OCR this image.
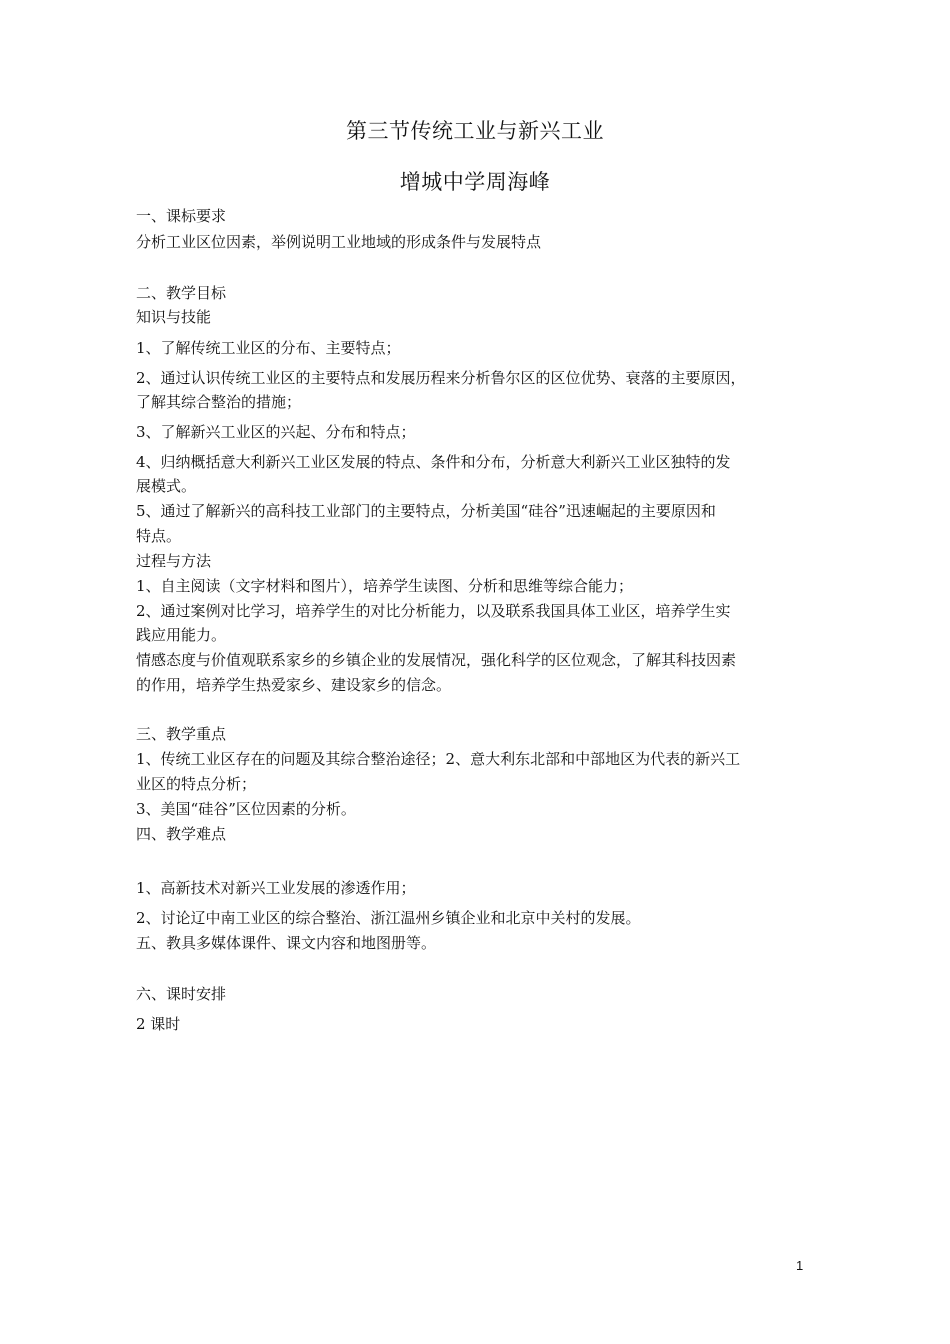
第三节传统工业与新兴工业
增城中学周海峰
一、课标要求
分析工业区位因素，举例说明工业地域的形成条件与发展特点
二、教学目标
知识与技能
1、了解传统工业区的分布、主要特点；
2、通过认识传统工业区的主要特点和发展历程来分析鲁尔区的区位优势、衰落的主要原因，
了解其综合整治的措施；
3、了解新兴工业区的兴起、分布和特点；
4、归纳概括意大利新兴工业区发展的特点、条件和分布，分析意大利新兴工业区独特的发
展模式。
5、通过了解新兴的高科技工业部门的主要特点，分析美国“硅谷”迅速崛起的主要原因和
特点。
过程与方法
1、自主阅读（文字材料和图片），培养学生读图、分析和思维等综合能力；
2、通过案例对比学习，培养学生的对比分析能力，以及联系我国具体工业区，培养学生实
践应用能力。
情感态度与价值观联系家乡的乡镇企业的发展情况，强化科学的区位观念，了解其科技因素
的作用，培养学生热爱家乡、建设家乡的信念。
三、教学重点
1、传统工业区存在的问题及其综合整治途径；2、意大利东北部和中部地区为代表的新兴工
业区的特点分析；
3、美国“硅谷”区位因素的分析。
四、教学难点
1、高新技术对新兴工业发展的渗透作用；
2、讨论辽中南工业区的综合整治、浙江温州乡镇企业和北京中关村的发展。
五、教具多媒体课件、课文内容和地图册等。
六、课时安排
2 课时
1
